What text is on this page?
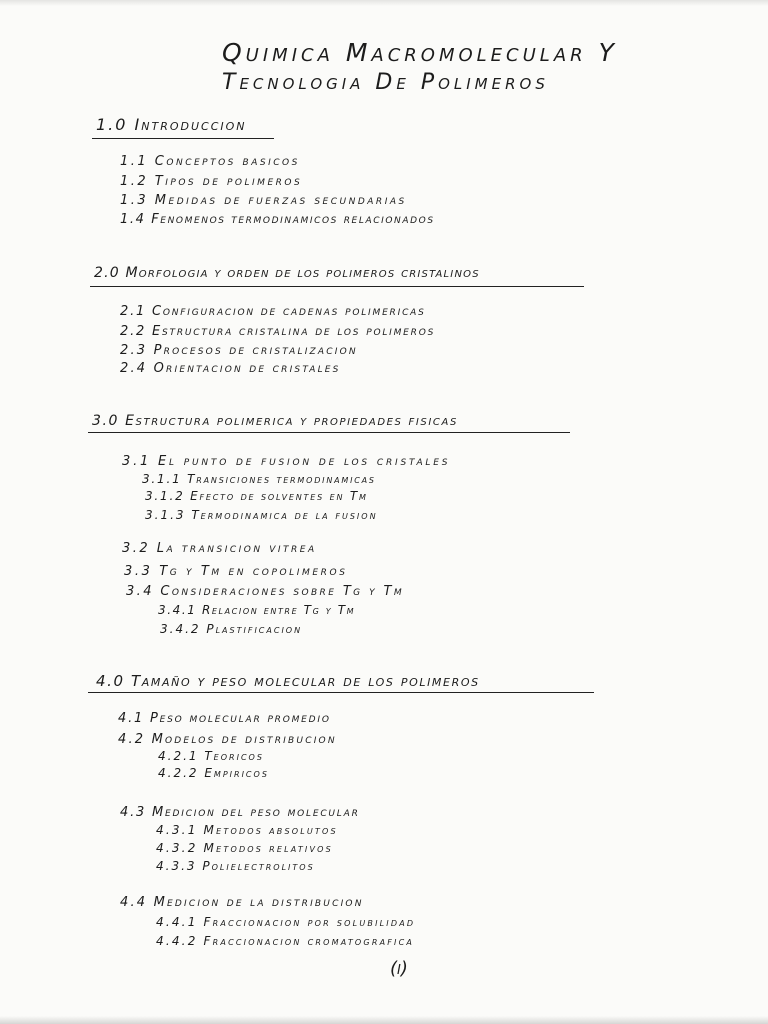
Quimica Macromolecular Y
Tecnologia De Polimeros
1.0 Introduccion
1.1 Conceptos basicos
1.2 Tipos de polimeros
1.3 Medidas de fuerzas secundarias
1.4 Fenomenos termodinamicos relacionados
2.0 Morfologia y orden de los polimeros cristalinos
2.1 Configuracion de cadenas polimericas
2.2 Estructura cristalina de los polimeros
2.3 Procesos de cristalizacion
2.4 Orientacion de cristales
3.0 Estructura polimerica y propiedades fisicas
3.1 El punto de fusion de los cristales
3.1.1 Transiciones termodinamicas
3.1.2 Efecto de solventes en Tm
3.1.3 Termodinamica de la fusion
3.2 La transicion vitrea
3.3 Tg y Tm en copolimeros
3.4 Consideraciones sobre Tg y Tm
3.4.1 Relacion entre Tg y Tm
3.4.2 Plastificacion
4.0 Tamaño y peso molecular de los polimeros
4.1 Peso molecular promedio
4.2 Modelos de distribucion
4.2.1 Teoricos
4.2.2 Empiricos
4.3 Medicion del peso molecular
4.3.1 Metodos absolutos
4.3.2 Metodos relativos
4.3.3 Polielectrolitos
4.4 Medicion de la distribucion
4.4.1 Fraccionacion por solubilidad
4.4.2 Fraccionacion cromatografica
(i)
